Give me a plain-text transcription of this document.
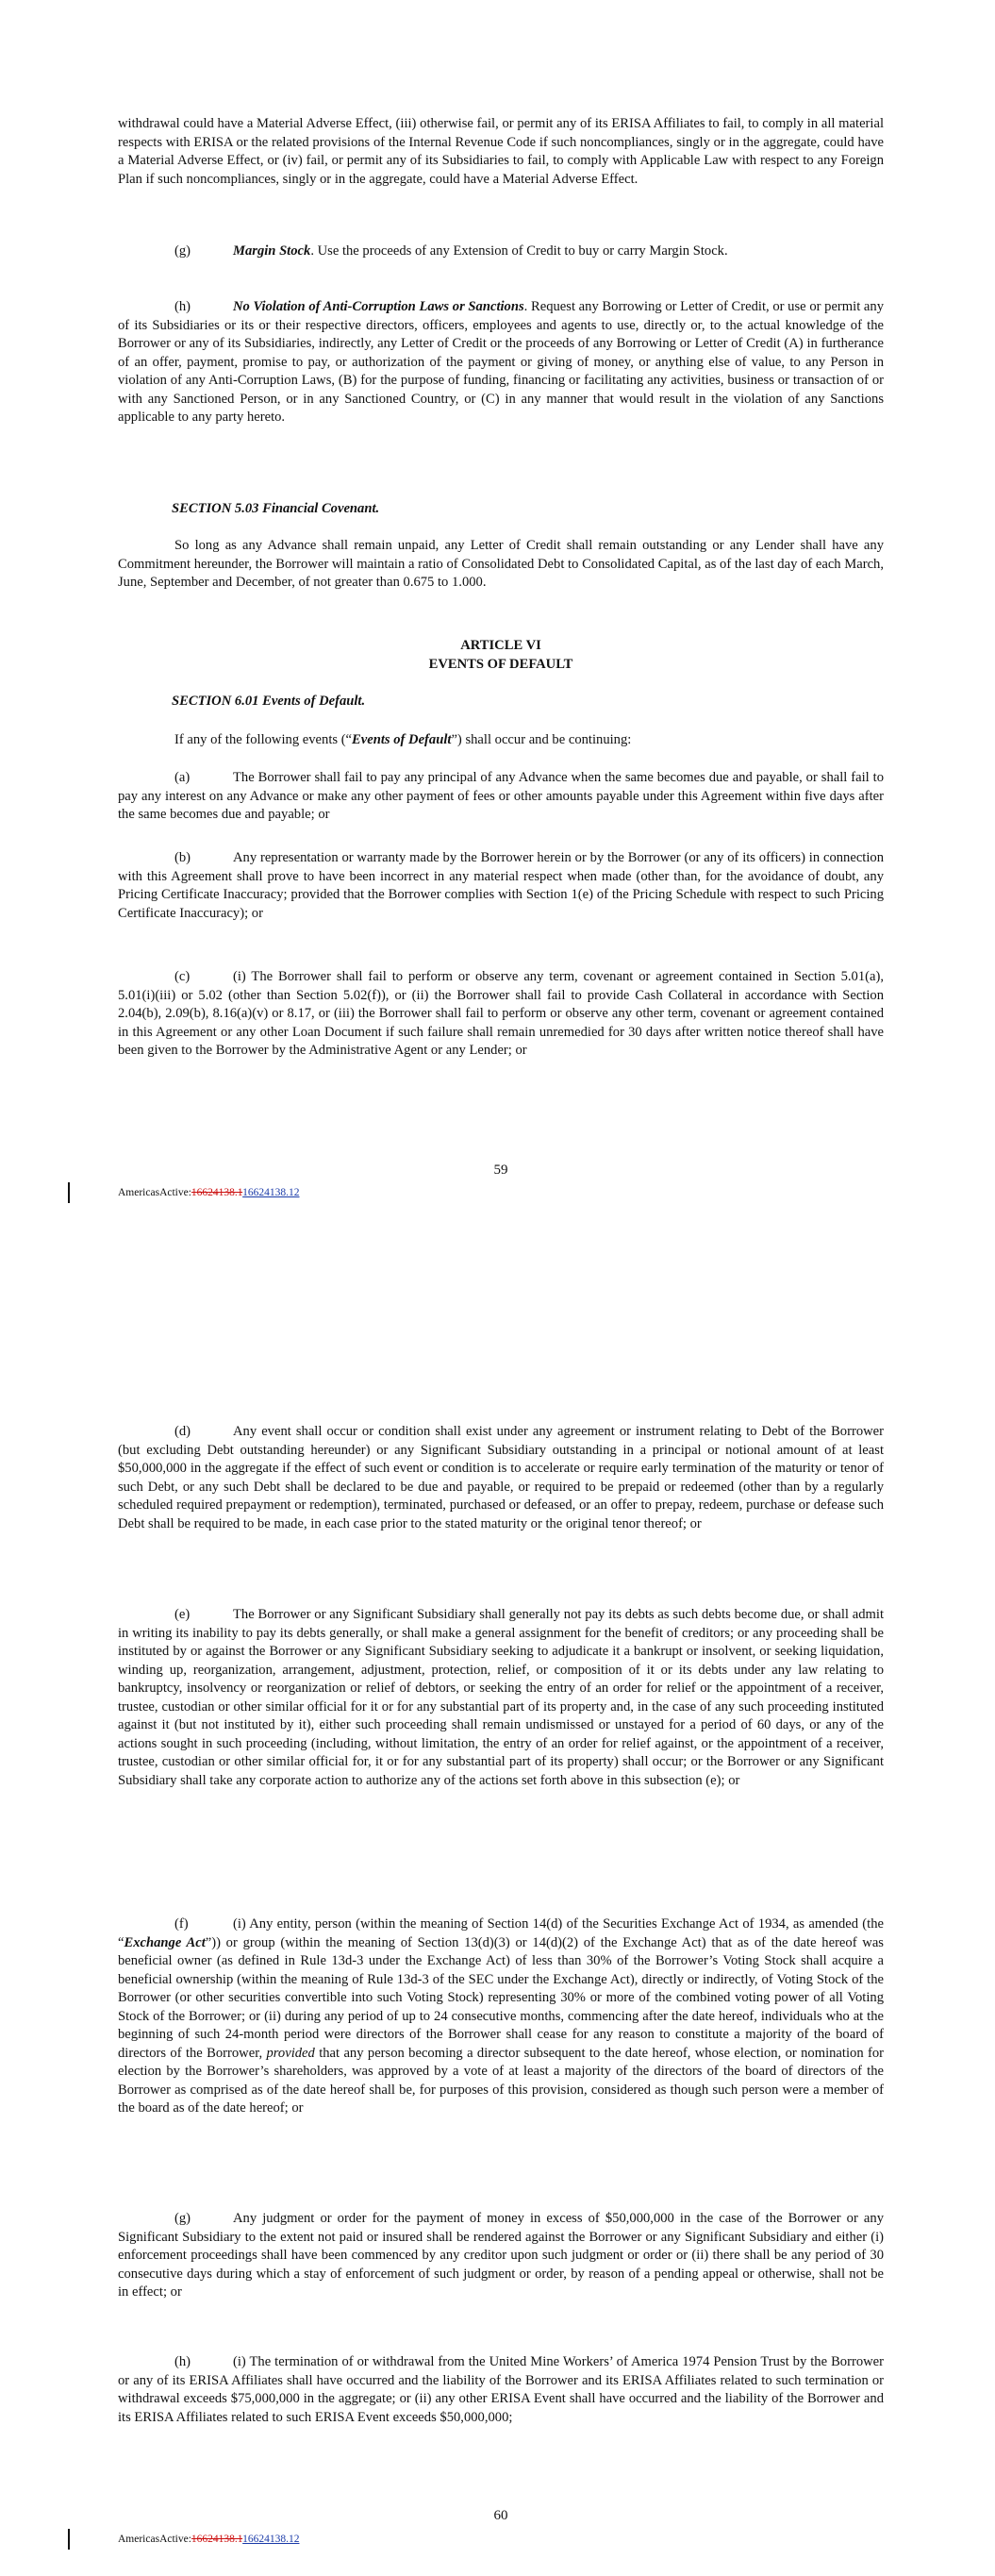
withdrawal could have a Material Adverse Effect, (iii) otherwise fail, or permit any of its ERISA Affiliates to fail, to comply in all material respects with ERISA or the related provisions of the Internal Revenue Code if such noncompliances, singly or in the aggregate, could have a Material Adverse Effect, or (iv) fail, or permit any of its Subsidiaries to fail, to comply with Applicable Law with respect to any Foreign Plan if such noncompliances, singly or in the aggregate, could have a Material Adverse Effect.

(g)	Margin Stock. Use the proceeds of any Extension of Credit to buy or carry Margin Stock.

(h)	No Violation of Anti-Corruption Laws or Sanctions. Request any Borrowing or Letter of Credit, or use or permit any of its Subsidiaries or its or their respective directors, officers, employees and agents to use, directly or, to the actual knowledge of the Borrower or any of its Subsidiaries, indirectly, any Letter of Credit or the proceeds of any Borrowing or Letter of Credit (A) in furtherance of an offer, payment, promise to pay, or authorization of the payment or giving of money, or anything else of value, to any Person in violation of any Anti-Corruption Laws, (B) for the purpose of funding, financing or facilitating any activities, business or transaction of or with any Sanctioned Person, or in any Sanctioned Country, or (C) in any manner that would result in the violation of any Sanctions applicable to any party hereto.

SECTION 5.03 Financial Covenant.

So long as any Advance shall remain unpaid, any Letter of Credit shall remain outstanding or any Lender shall have any Commitment hereunder, the Borrower will maintain a ratio of Consolidated Debt to Consolidated Capital, as of the last day of each March, June, September and December, of not greater than 0.675 to 1.000.

ARTICLE VI
EVENTS OF DEFAULT
SECTION 6.01 Events of Default.

If any of the following events (“Events of Default”) shall occur and be continuing:

(a)	The Borrower shall fail to pay any principal of any Advance when the same becomes due and payable, or shall fail to pay any interest on any Advance or make any other payment of fees or other amounts payable under this Agreement within five days after the same becomes due and payable; or

(b)	Any representation or warranty made by the Borrower herein or by the Borrower (or any of its officers) in connection with this Agreement shall prove to have been incorrect in any material respect when made (other than, for the avoidance of doubt, any Pricing Certificate Inaccuracy; provided that the Borrower complies with Section 1(e) of the Pricing Schedule with respect to such Pricing Certificate Inaccuracy); or

(c)	(i) The Borrower shall fail to perform or observe any term, covenant or agreement contained in Section 5.01(a), 5.01(i)(iii) or 5.02 (other than Section 5.02(f)), or (ii) the Borrower shall fail to provide Cash Collateral in accordance with Section 2.04(b), 2.09(b), 8.16(a)(v) or 8.17, or (iii) the Borrower shall fail to perform or observe any other term, covenant or agreement contained in this Agreement or any other Loan Document if such failure shall remain unremedied for 30 days after written notice thereof shall have been given to the Borrower by the Administrative Agent or any Lender; or

59
AmericasActive:16624138.116624138.12

(d)	Any event shall occur or condition shall exist under any agreement or instrument relating to Debt of the Borrower (but excluding Debt outstanding hereunder) or any Significant Subsidiary outstanding in a principal or notional amount of at least $50,000,000 in the aggregate if the effect of such event or condition is to accelerate or require early termination of the maturity or tenor of such Debt, or any such Debt shall be declared to be due and payable, or required to be prepaid or redeemed (other than by a regularly scheduled required prepayment or redemption), terminated, purchased or defeased, or an offer to prepay, redeem, purchase or defease such Debt shall be required to be made, in each case prior to the stated maturity or the original tenor thereof; or

(e)	The Borrower or any Significant Subsidiary shall generally not pay its debts as such debts become due, or shall admit in writing its inability to pay its debts generally, or shall make a general assignment for the benefit of creditors; or any proceeding shall be instituted by or against the Borrower or any Significant Subsidiary seeking to adjudicate it a bankrupt or insolvent, or seeking liquidation, winding up, reorganization, arrangement, adjustment, protection, relief, or composition of it or its debts under any law relating to bankruptcy, insolvency or reorganization or relief of debtors, or seeking the entry of an order for relief or the appointment of a receiver, trustee, custodian or other similar official for it or for any substantial part of its property and, in the case of any such proceeding instituted against it (but not instituted by it), either such proceeding shall remain undismissed or unstayed for a period of 60 days, or any of the actions sought in such proceeding (including, without limitation, the entry of an order for relief against, or the appointment of a receiver, trustee, custodian or other similar official for, it or for any substantial part of its property) shall occur; or the Borrower or any Significant Subsidiary shall take any corporate action to authorize any of the actions set forth above in this subsection (e); or

(f)	(i) Any entity, person (within the meaning of Section 14(d) of the Securities Exchange Act of 1934, as amended (the “Exchange Act”)) or group (within the meaning of Section 13(d)(3) or 14(d)(2) of the Exchange Act) that as of the date hereof was beneficial owner (as defined in Rule 13d-3 under the Exchange Act) of less than 30% of the Borrower’s Voting Stock shall acquire a beneficial ownership (within the meaning of Rule 13d-3 of the SEC under the Exchange Act), directly or indirectly, of Voting Stock of the Borrower (or other securities convertible into such Voting Stock) representing 30% or more of the combined voting power of all Voting Stock of the Borrower; or (ii) during any period of up to 24 consecutive months, commencing after the date hereof, individuals who at the beginning of such 24-month period were directors of the Borrower shall cease for any reason to constitute a majority of the board of directors of the Borrower, provided that any person becoming a director subsequent to the date hereof, whose election, or nomination for election by the Borrower’s shareholders, was approved by a vote of at least a majority of the directors of the board of directors of the Borrower as comprised as of the date hereof shall be, for purposes of this provision, considered as though such person were a member of the board as of the date hereof; or

(g)	Any judgment or order for the payment of money in excess of $50,000,000 in the case of the Borrower or any Significant Subsidiary to the extent not paid or insured shall be rendered against the Borrower or any Significant Subsidiary and either (i) enforcement proceedings shall have been commenced by any creditor upon such judgment or order or (ii) there shall be any period of 30 consecutive days during which a stay of enforcement of such judgment or order, by reason of a pending appeal or otherwise, shall not be in effect; or

(h)	(i) The termination of or withdrawal from the United Mine Workers’ of America 1974 Pension Trust by the Borrower or any of its ERISA Affiliates shall have occurred and the liability of the Borrower and its ERISA Affiliates related to such termination or withdrawal exceeds $75,000,000 in the aggregate; or (ii) any other ERISA Event shall have occurred and the liability of the Borrower and its ERISA Affiliates related to such ERISA Event exceeds $50,000,000;

60
AmericasActive:16624138.116624138.12
